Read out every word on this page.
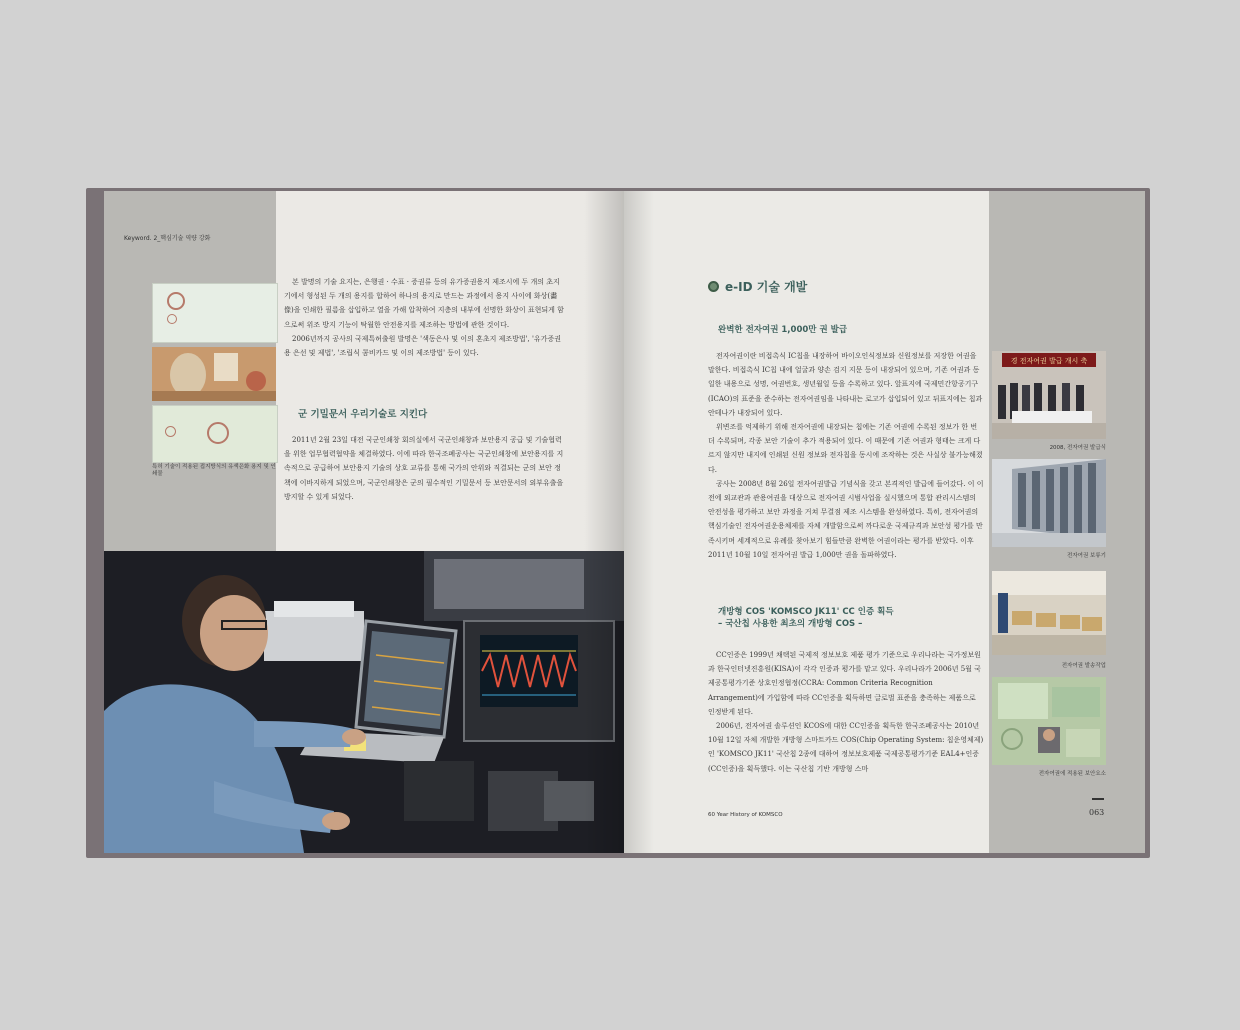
Keyword. 2_핵심기술 역량 강화
특허 기술이 적용된 접지방식의 유색은화 용지 및 인쇄물

본 발명의 기술 요지는, 은행권 · 수표 · 증권류 등의 유가증권용지 제조시에 두 개의 초지기에서 형성된 두 개의 용지를 합하여 하나의 용지로 만드는 과정에서 용지 사이에 화상(畵像)을 인쇄한 필름을 삽입하고 열을 가해 압착하여 지층의 내부에 선명한 화상이 표현되게 함으로써 위조 방지 기능이 탁월한 안전용지를 제조하는 방법에 관한 것이다.

2006년까지 공사의 국제특허출원 발명은 '색동은사 및 이의 혼초지 제조방법', '유가증권용 은선 및 제법', '조립식 콤비카드 및 이의 제조방법' 등이 있다.

군 기밀문서 우리기술로 지킨다

2011년 2월 23일 대전 국군인쇄창 회의실에서 국군인쇄창과 보안용지 공급 및 기술협력을 위한 업무협력협약을 체결하였다. 이에 따라 한국조폐공사는 국군인쇄창에 보안용지를 지속적으로 공급하여 보안용지 기술의 상호 교류를 통해 국가의 안위와 직결되는 군의 보안 정책에 이바지하게 되었으며, 국군인쇄창은 군의 필수적인 기밀문서 등 보안문서의 외부유출을 방지할 수 있게 되었다.

e-ID 기술 개발
완벽한 전자여권 1,000만 권 발급

전자여권이란 비접촉식 IC칩을 내장하여 바이오인식정보와 신원정보를 저장한 여권을 말한다. 비접촉식 IC칩 내에 얼굴과 양손 검지 지문 등이 내장되어 있으며, 기존 여권과 동일한 내용으로 성명, 여권번호, 생년월일 등을 수록하고 있다. 앞표지에 국제민간항공기구(ICAO)의 표준을 준수하는 전자여권임을 나타내는 로고가 삽입되어 있고 뒤표지에는 칩과 안테나가 내장되어 있다.

위변조를 억제하기 위해 전자여권에 내장되는 칩에는 기존 여권에 수록된 정보가 한 번 더 수록되며, 각종 보안 기술이 추가 적용되어 있다. 이 때문에 기존 여권과 형태는 크게 다르지 않지만 내지에 인쇄된 신원 정보와 전자칩을 동시에 조작하는 것은 사실상 불가능해졌다.

공사는 2008년 8월 26일 전자여권발급 기념식을 갖고 본격적인 발급에 들어갔다. 이 이전에 외교관과 관용여권을 대상으로 전자여권 시범사업을 실시했으며 통합 관리시스템의 안전성을 평가하고 보안 과정을 거쳐 무결점 제조 시스템을 완성하였다. 특히, 전자여권의 핵심기술인 전자여권운용체제를 자체 개발함으로써 까다로운 국제규격과 보안성 평가를 만족시키며 세계적으로 유례를 찾아보기 힘들만큼 완벽한 여권이라는 평가를 받았다. 이후 2011년 10월 10일 전자여권 발급 1,000만 권을 돌파하였다.

개방형 COS 'KOMSCO JK11' CC 인증 획득
– 국산칩 사용한 최초의 개방형 COS –

CC인증은 1999년 채택된 국제적 정보보호 제품 평가 기준으로 우리나라는 국가정보원과 한국인터넷진흥원(KISA)이 각각 인증과 평가를 맡고 있다. 우리나라가 2006년 5월 국제공통평가기준 상호인정협정(CCRA: Common Criteria Recognition Arrangement)에 가입함에 따라 CC인증을 획득하면 글로벌 표준을 충족하는 제품으로 인정받게 된다.

2006년, 전자여권 솔루션인 KCOS에 대한 CC인증을 획득한 한국조폐공사는 2010년 10월 12일 자체 개발한 개방형 스마트카드 COS(Chip Operating System: 칩운영체제)인 'KOMSCO JK11' 국산칩 2종에 대하여 정보보호제품 국제공통평가기준 EAL4+인증(CC인증)을 획득했다. 이는 국산칩 기반 개방형 스마

경 전자여권 발급 개시 축
2008, 전자여권 발급식
전자여권 보류기
전자여권 발송작업
전자여권에 적용된 보안요소
60 Year History of KOMSCO	063
